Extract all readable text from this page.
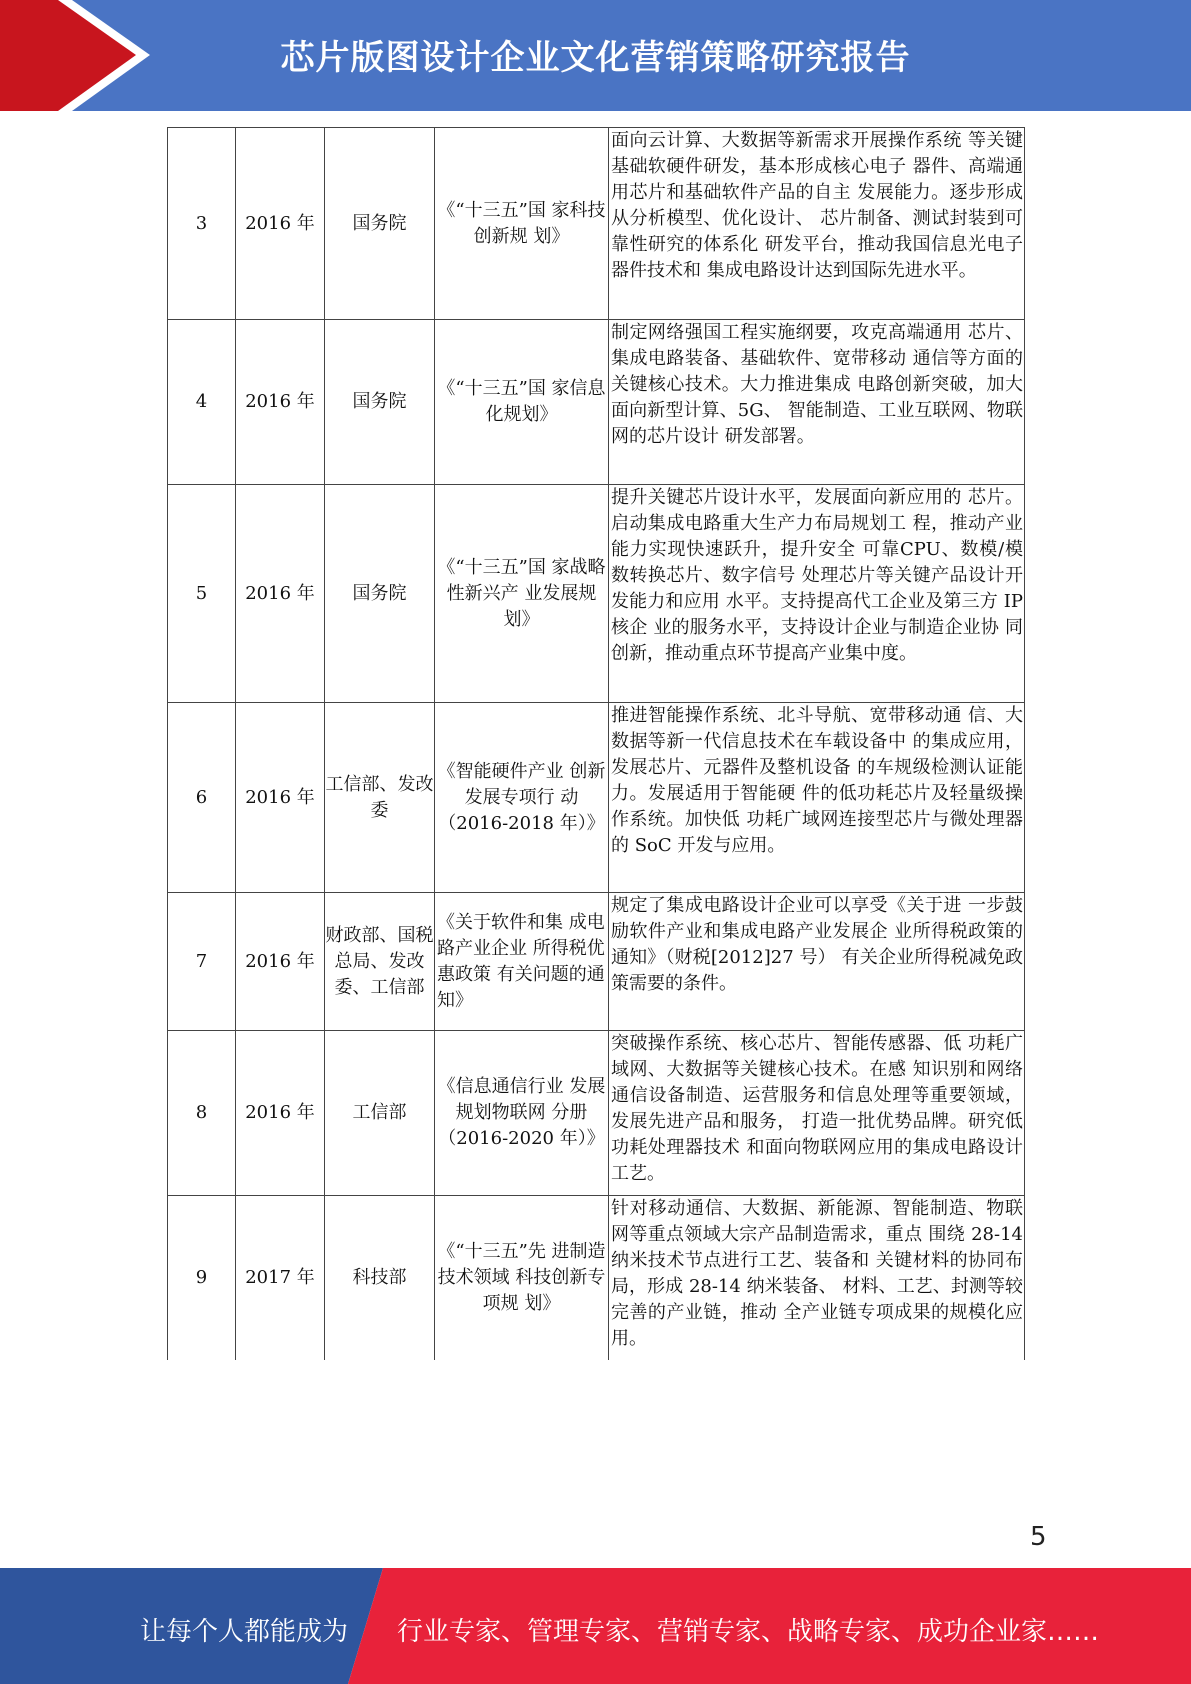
芯片版图设计企业文化营销策略研究报告
3	2016 年	国务院	《“十三五”国 家科技创新规 划》	面向云计算、大数据等新需求开展操作系统 等关键基础软硬件研发，基本形成核心电子 器件、高端通用芯片和基础软件产品的自主 发展能力。逐步形成从分析模型、优化设计、 芯片制备、测试封装到可靠性研究的体系化 研发平台，推动我国信息光电子器件技术和 集成电路设计达到国际先进水平。
4	2016 年	国务院	《“十三五”国 家信息化规划》	制定网络强国工程实施纲要，攻克高端通用 芯片、集成电路装备、基础软件、宽带移动 通信等方面的关键核心技术。大力推进集成 电路创新突破，加大面向新型计算、5G、 智能制造、工业互联网、物联网的芯片设计 研发部署。
5	2016 年	国务院	《“十三五”国 家战略性新兴产 业发展规划》	提升关键芯片设计水平，发展面向新应用的 芯片。启动集成电路重大生产力布局规划工 程，推动产业能力实现快速跃升，提升安全 可靠CPU、数模/模数转换芯片、数字信号 处理芯片等关键产品设计开发能力和应用 水平。支持提高代工企业及第三方 IP 核企 业的服务水平，支持设计企业与制造企业协 同创新，推动重点环节提高产业集中度。
6	2016 年	工信部、发改委	《智能硬件产业 创新发展专项行 动（2016-2018 年）》	推进智能操作系统、北斗导航、宽带移动通 信、大数据等新一代信息技术在车载设备中 的集成应用，发展芯片、元器件及整机设备 的车规级检测认证能力。发展适用于智能硬 件的低功耗芯片及轻量级操作系统。加快低 功耗广域网连接型芯片与微处理器的 SoC 开发与应用。
7	2016 年	财政部、国税总局、发改委、工信部	《关于软件和集 成电路产业企业 所得税优惠政策 有关问题的通 知》	规定了集成电路设计企业可以享受《关于进 一步鼓励软件产业和集成电路产业发展企 业所得税政策的通知》（财税[2012]27 号） 有关企业所得税减免政策需要的条件。
8	2016 年	工信部	《信息通信行业 发展规划物联网 分册（2016-2020 年）》	突破操作系统、核心芯片、智能传感器、低 功耗广域网、大数据等关键核心技术。在感 知识别和网络通信设备制造、运营服务和信息处理等重要领域，发展先进产品和服务， 打造一批优势品牌。研究低功耗处理器技术 和面向物联网应用的集成电路设计工艺。
9	2017 年	科技部	《“十三五”先 进制造技术领域 科技创新专项规 划》	针对移动通信、大数据、新能源、智能制造、物联网等重点领域大宗产品制造需求，重点 围绕 28-14 纳米技术节点进行工艺、装备和 关键材料的协同布局，形成 28-14 纳米装备、 材料、工艺、封测等较完善的产业链，推动 全产业链专项成果的规模化应用。
5
让每个人都能成为 行业专家、管理专家、营销专家、战略专家、成功企业家……
